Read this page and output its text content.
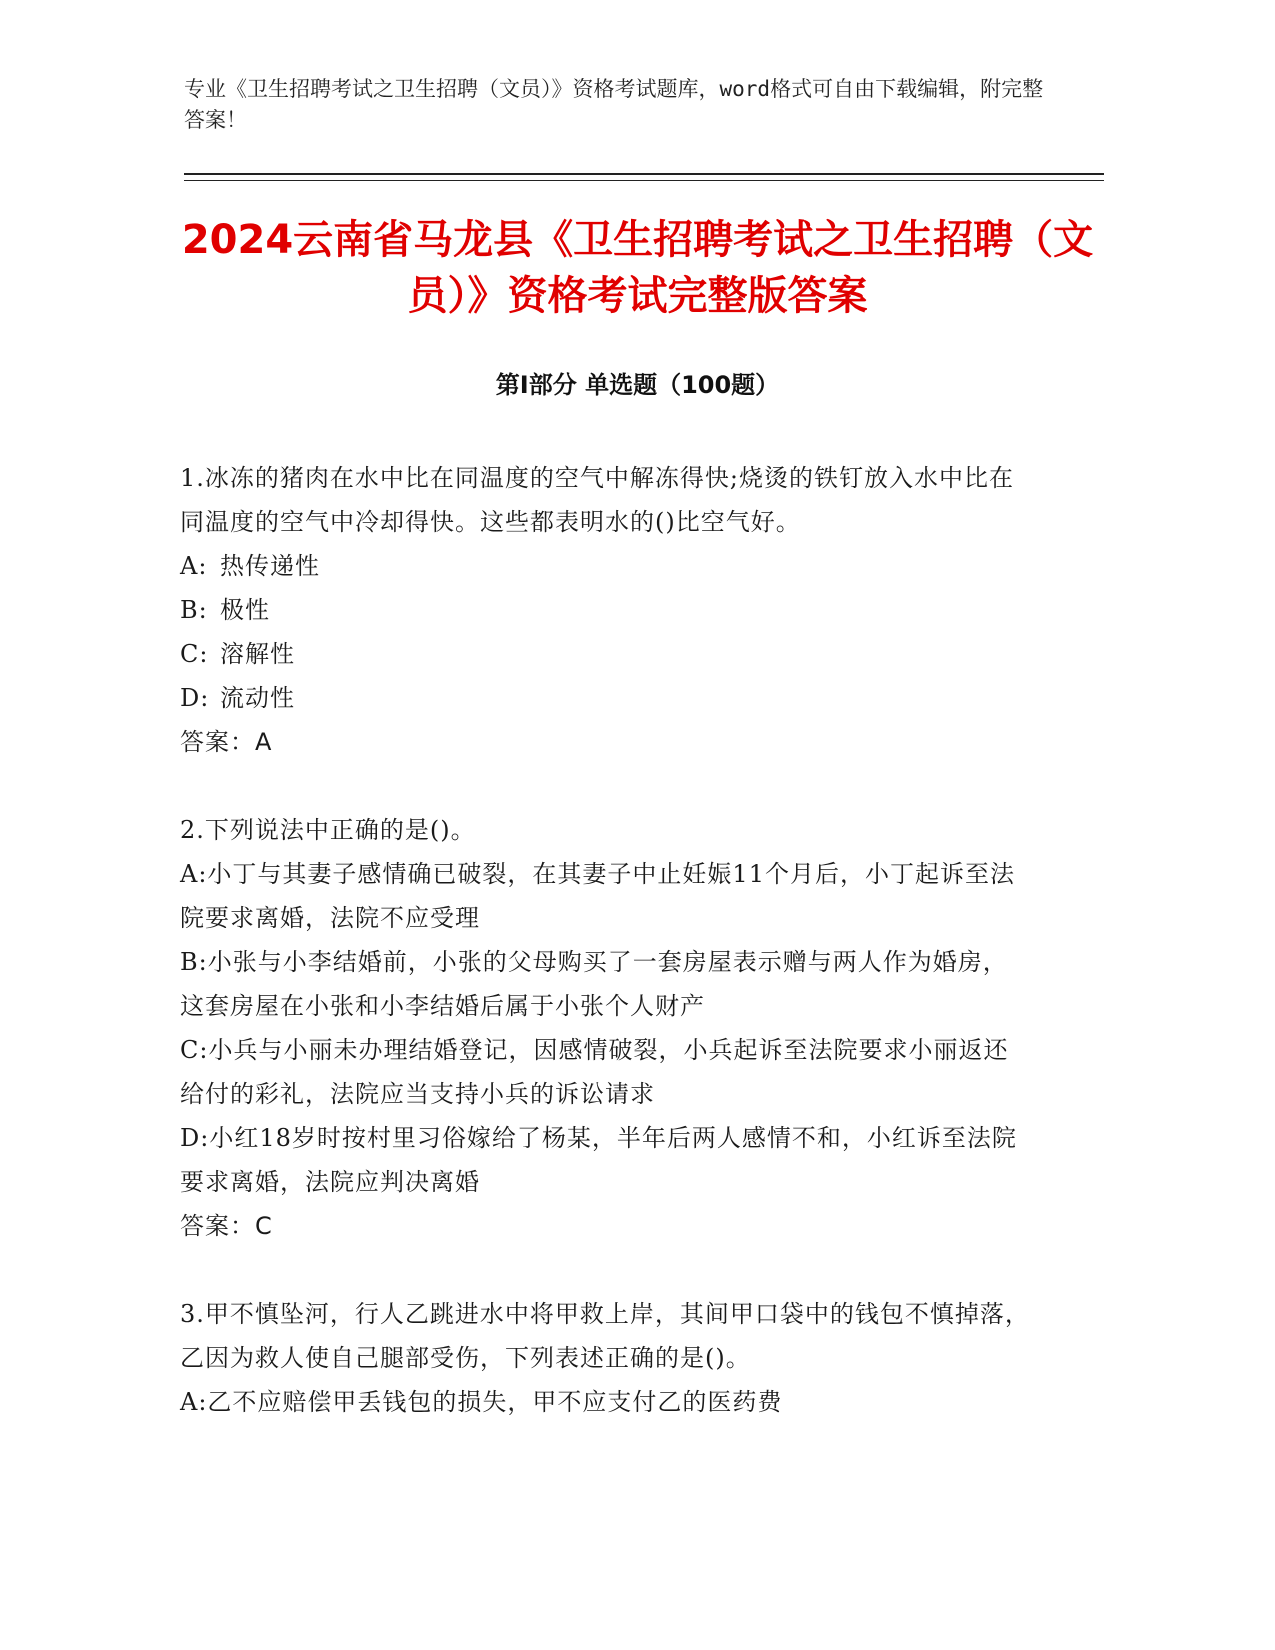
专业《卫生招聘考试之卫生招聘（文员）》资格考试题库，word格式可自由下载编辑，附完整答案！
2024云南省马龙县《卫生招聘考试之卫生招聘（文员）》资格考试完整版答案
第Ⅰ部分 单选题（100题）

1.冰冻的猪肉在水中比在同温度的空气中解冻得快;烧烫的铁钉放入水中比在同温度的空气中冷却得快。这些都表明水的()比空气好。

A: 热传递性

B: 极性

C: 溶解性

D: 流动性

答案：A

2.下列说法中正确的是()。

A:小丁与其妻子感情确已破裂，在其妻子中止妊娠11个月后，小丁起诉至法院要求离婚，法院不应受理

B:小张与小李结婚前，小张的父母购买了一套房屋表示赠与两人作为婚房，这套房屋在小张和小李结婚后属于小张个人财产

C:小兵与小丽未办理结婚登记，因感情破裂，小兵起诉至法院要求小丽返还给付的彩礼，法院应当支持小兵的诉讼请求

D:小红18岁时按村里习俗嫁给了杨某，半年后两人感情不和，小红诉至法院要求离婚，法院应判决离婚

答案：C

3.甲不慎坠河，行人乙跳进水中将甲救上岸，其间甲口袋中的钱包不慎掉落，乙因为救人使自己腿部受伤，下列表述正确的是()。

A:乙不应赔偿甲丢钱包的损失，甲不应支付乙的医药费
